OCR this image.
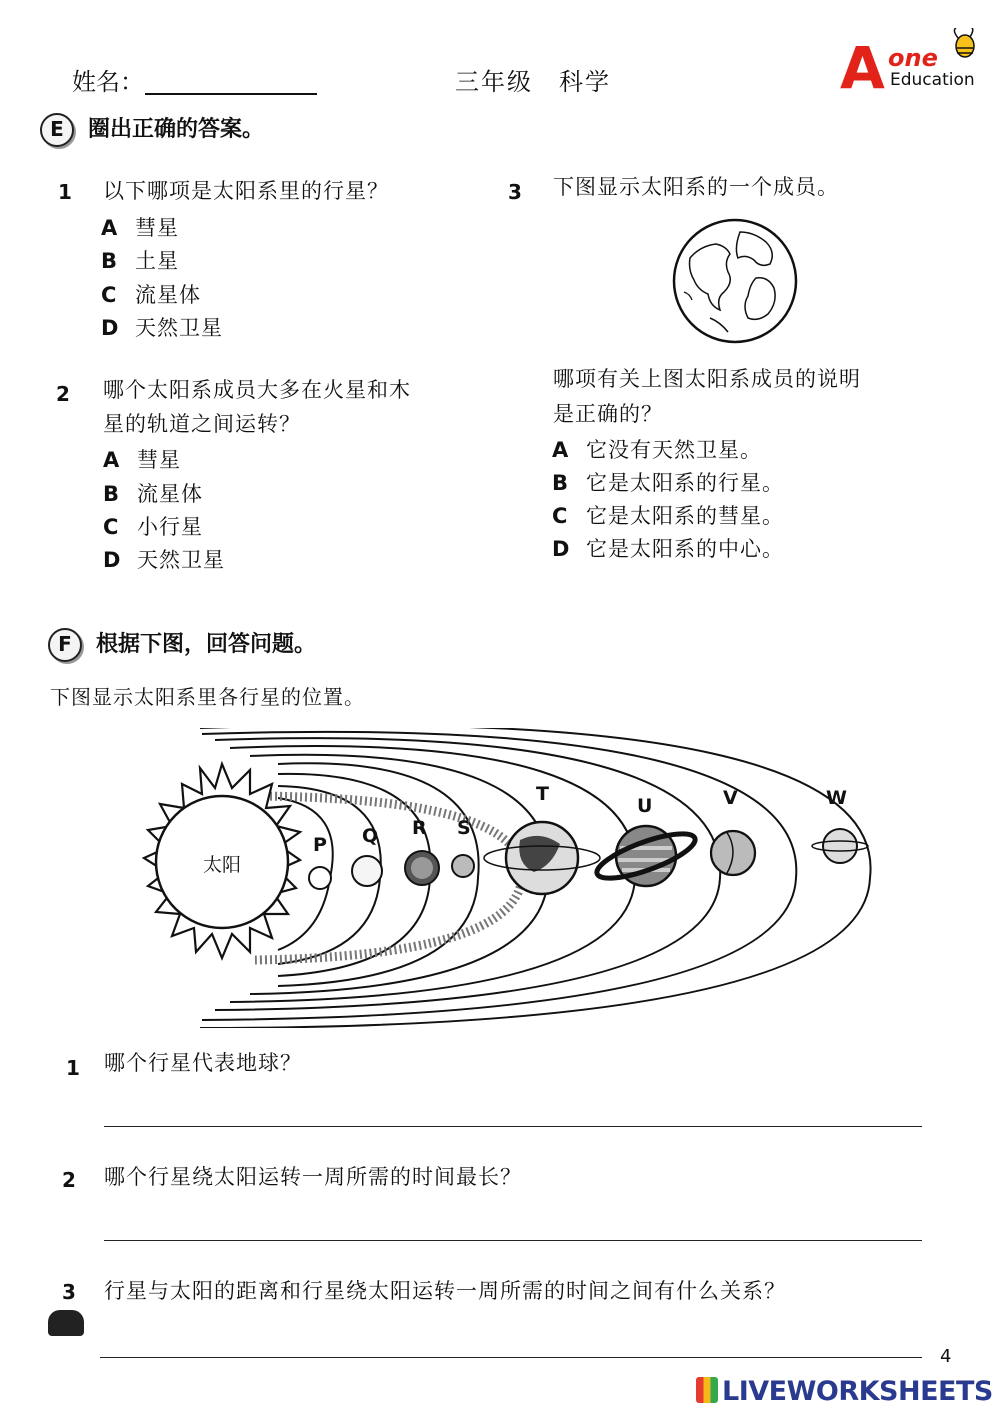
姓名：	三年级　科学	A one
Education
E 圈出正确的答案。
1 以下哪项是太阳系里的行星？
A 彗星
B 土星
C 流星体
D 天然卫星
2 哪个太阳系成员大多在火星和木
星的轨道之间运转？
A 彗星
B 流星体
C 小行星
D 天然卫星
3 下图显示太阳系的一个成员。
哪项有关上图太阳系成员的说明
是正确的？
A 它没有天然卫星。
B 它是太阳系的行星。
C 它是太阳系的彗星。
D 它是太阳系的中心。
F 根据下图，回答问题。
下图显示太阳系里各行星的位置。
太阳
P Q R S
T
U	V	W
1 哪个行星代表地球？
2 哪个行星绕太阳运转一周所需的时间最长？
3 行星与太阳的距离和行星绕太阳运转一周所需的时间之间有什么关系？
4
LIVEWORKSHEETS
